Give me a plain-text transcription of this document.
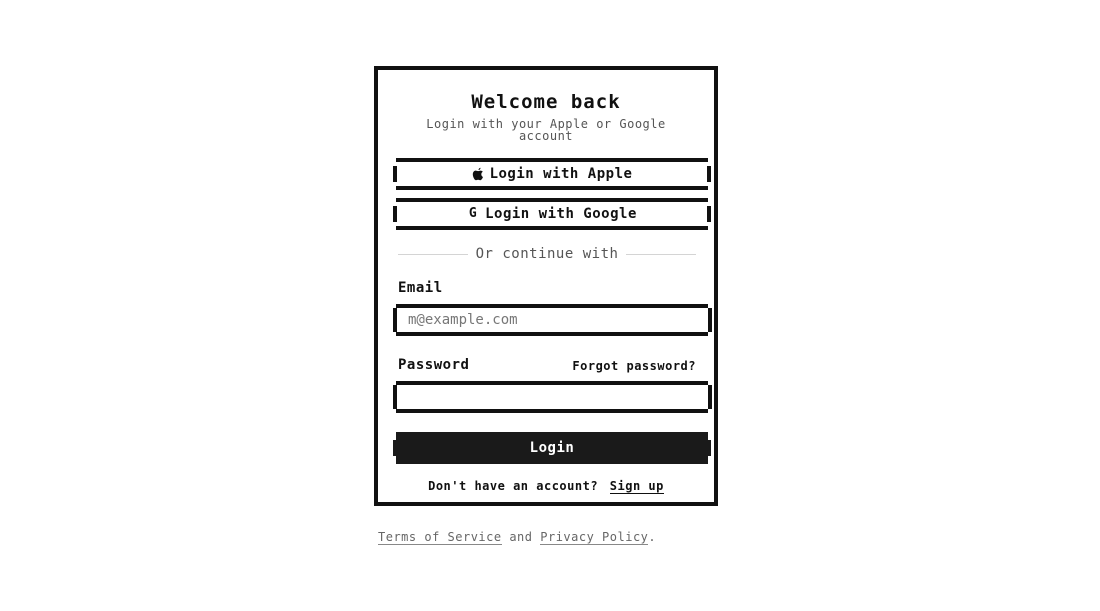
Welcome back
Login with your Apple or Google account
Login with Apple
G Login with Google
Or continue with
Email
m@example.com
Password	Forgot password?
Login
Don't have an account? Sign up
Terms of Service and Privacy Policy.
